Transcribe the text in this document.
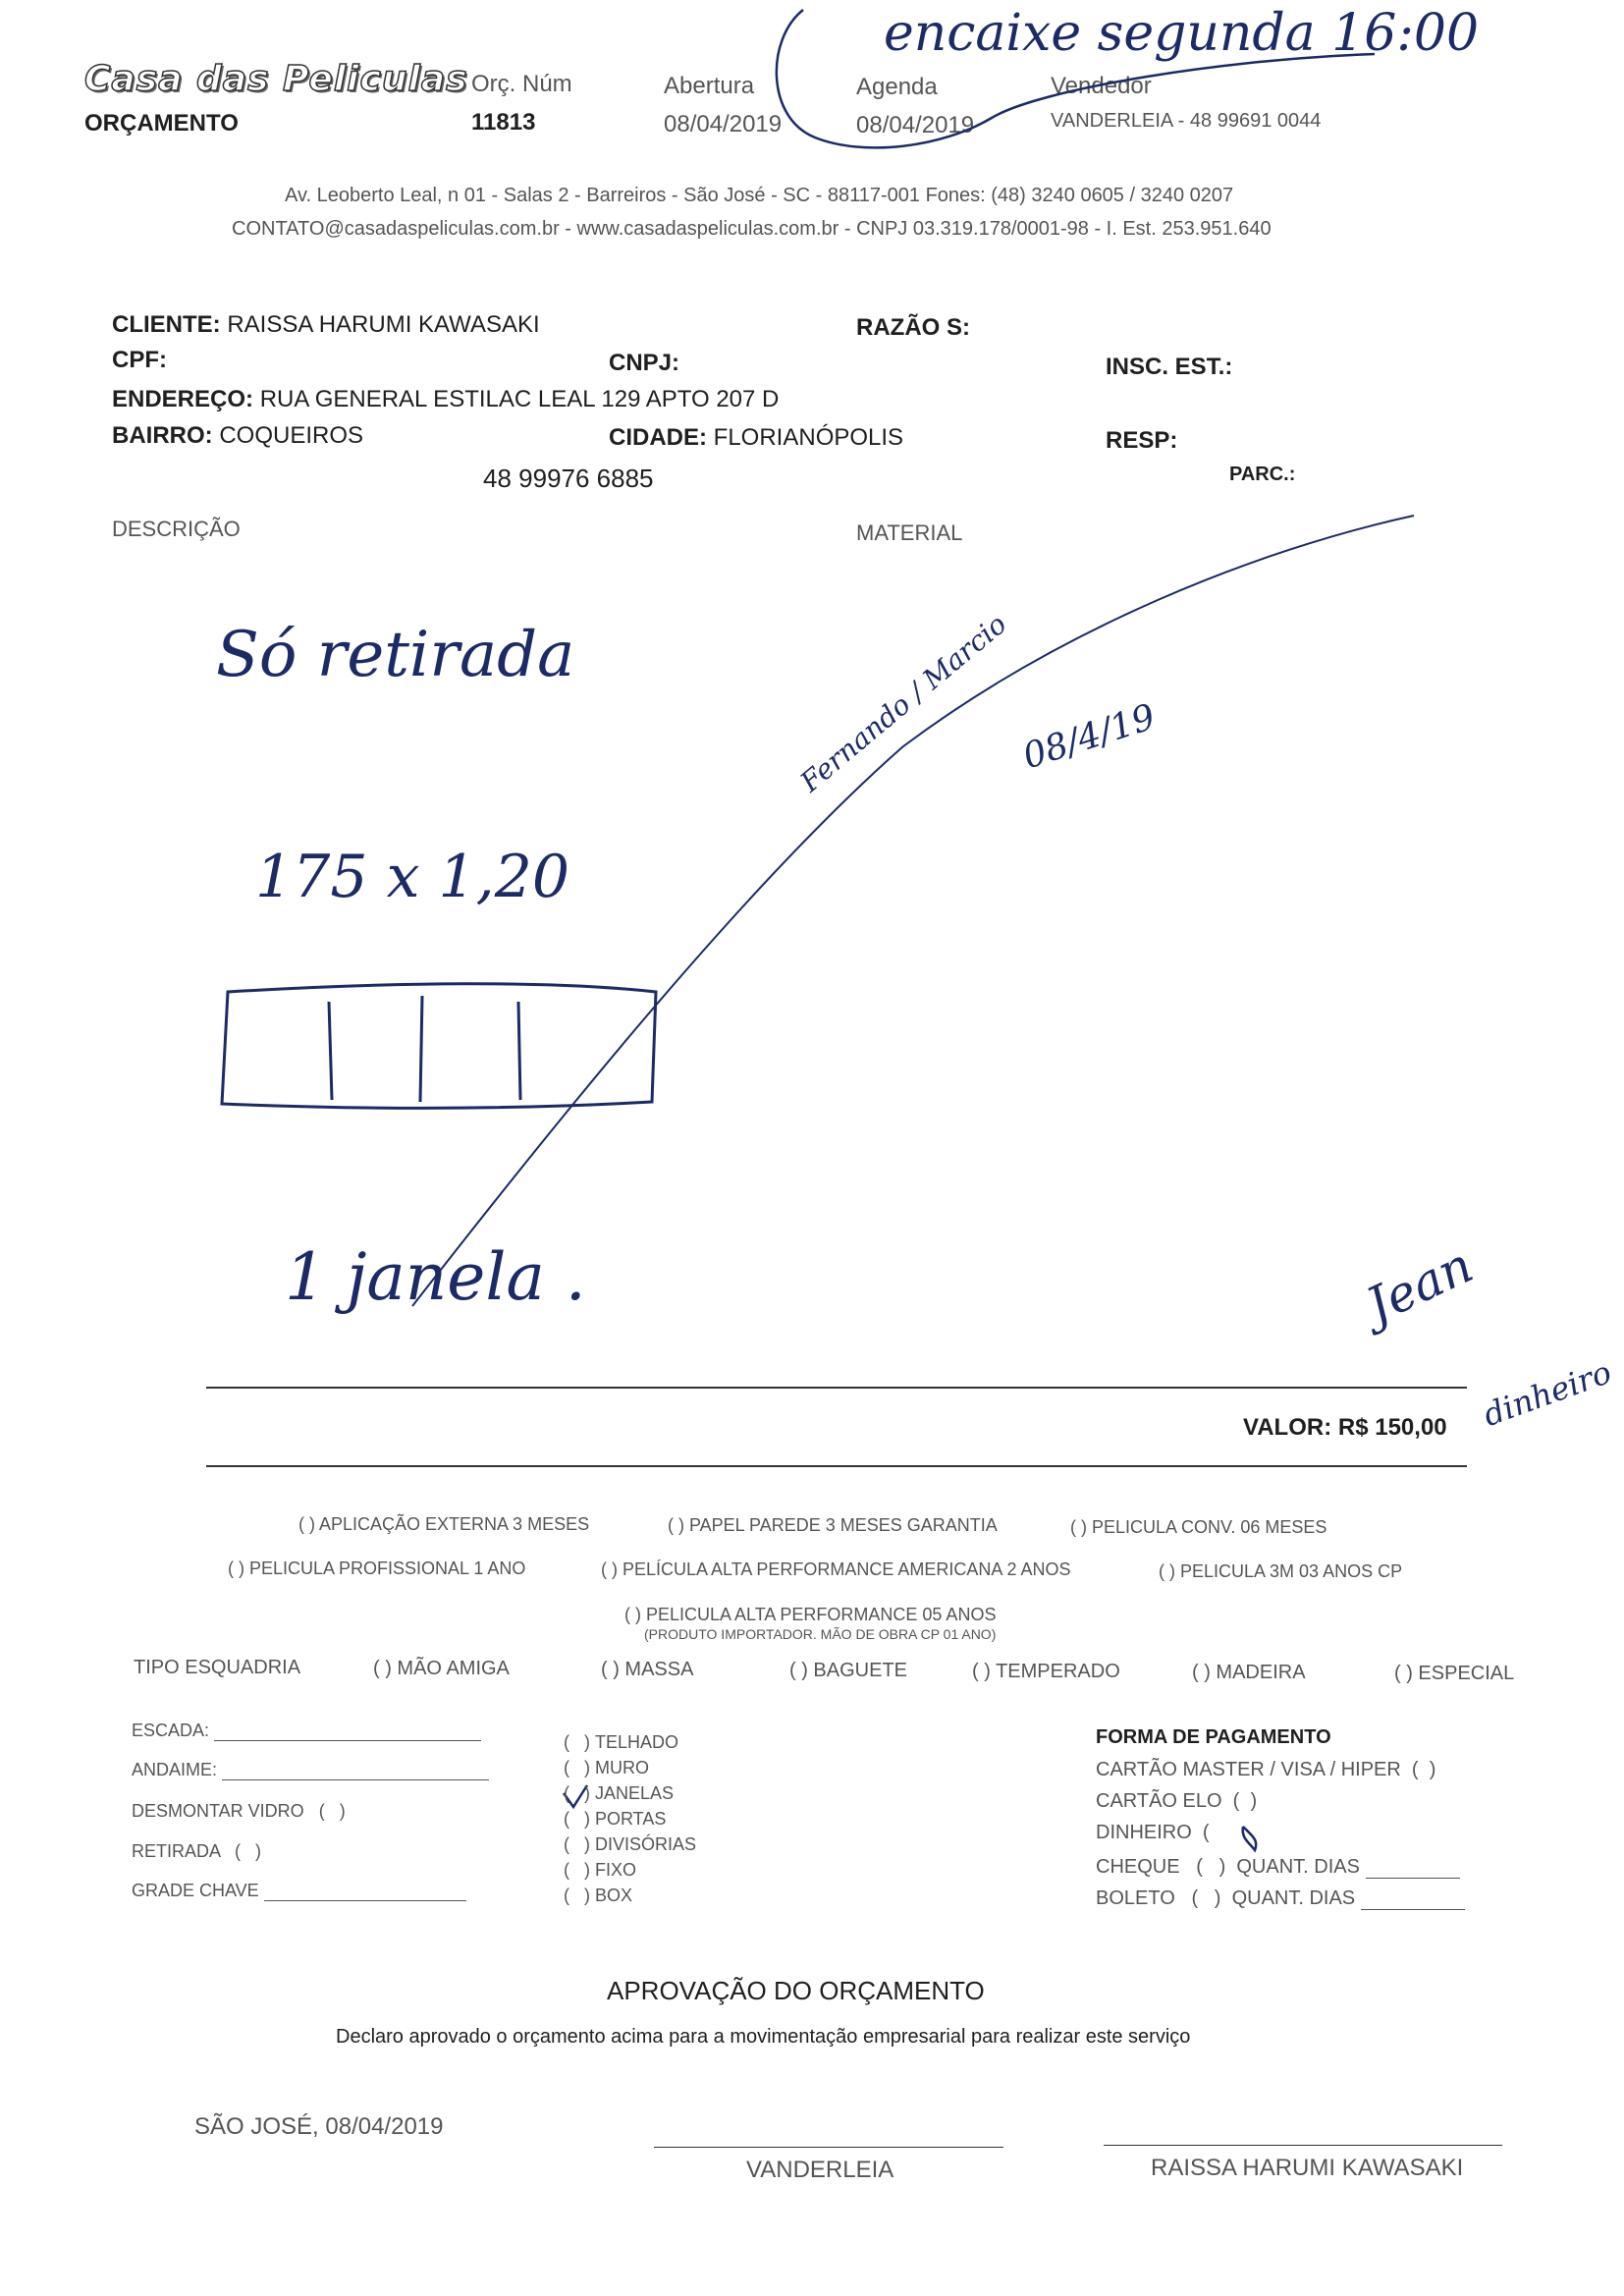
Casa das Peliculas
ORÇAMENTO
Orç. Núm
11813
Abertura
08/04/2019
Agenda
08/04/2019
Vendedor
VANDERLEIA - 48 99691 0044
Av. Leoberto Leal, n 01 - Salas 2 - Barreiros - São José - SC - 88117-001 Fones: (48) 3240 0605 / 3240 0207
CONTATO@casadaspeliculas.com.br - www.casadaspeliculas.com.br - CNPJ 03.319.178/0001-98 - I. Est. 253.951.640
CLIENTE: RAISSA HARUMI KAWASAKI	RAZÃO S:
CPF:	CNPJ:	INSC. EST.:
ENDEREÇO: RUA GENERAL ESTILAC LEAL 129 APTO 207 D
BAIRRO: COQUEIROS	CIDADE: FLORIANÓPOLIS	RESP:
48 99976 6885	PARC.:
DESCRIÇÃO	MATERIAL
encaixe segunda 16:00
Só retirada
175 x 1,20
1 janela .
Fernando / Marcio 08/4/19
Jean
dinheiro
VALOR: R$ 150,00
( ) APLICAÇÃO EXTERNA 3 MESES	( ) PAPEL PAREDE 3 MESES GARANTIA	( ) PELICULA CONV. 06 MESES
( ) PELICULA PROFISSIONAL 1 ANO	( ) PELÍCULA ALTA PERFORMANCE AMERICANA 2 ANOS	( ) PELICULA 3M 03 ANOS CP
( ) PELICULA ALTA PERFORMANCE 05 ANOS
(PRODUTO IMPORTADOR. MÃO DE OBRA CP 01 ANO)
TIPO ESQUADRIA	( ) MÃO AMIGA	( ) MASSA	( ) BAGUETE	( ) TEMPERADO	( ) MADEIRA	( ) ESPECIAL
ESCADA:
ANDAIME:
DESMONTAR VIDRO   (   )
RETIRADA   (   )
GRADE CHAVE
(   ) TELHADO
(   ) MURO
(   ) JANELAS
(   ) PORTAS
(   ) DIVISÓRIAS
(   ) FIXO
(   ) BOX
FORMA DE PAGAMENTO
CARTÃO MASTER / VISA / HIPER  (  )
CARTÃO ELO  (  )
DINHEIRO  (
CHEQUE   (   )  QUANT. DIAS
BOLETO   (   )  QUANT. DIAS
APROVAÇÃO DO ORÇAMENTO
Declaro aprovado o orçamento acima para a movimentação empresarial para realizar este serviço
SÃO JOSÉ, 08/04/2019
VANDERLEIA	RAISSA HARUMI KAWASAKI
